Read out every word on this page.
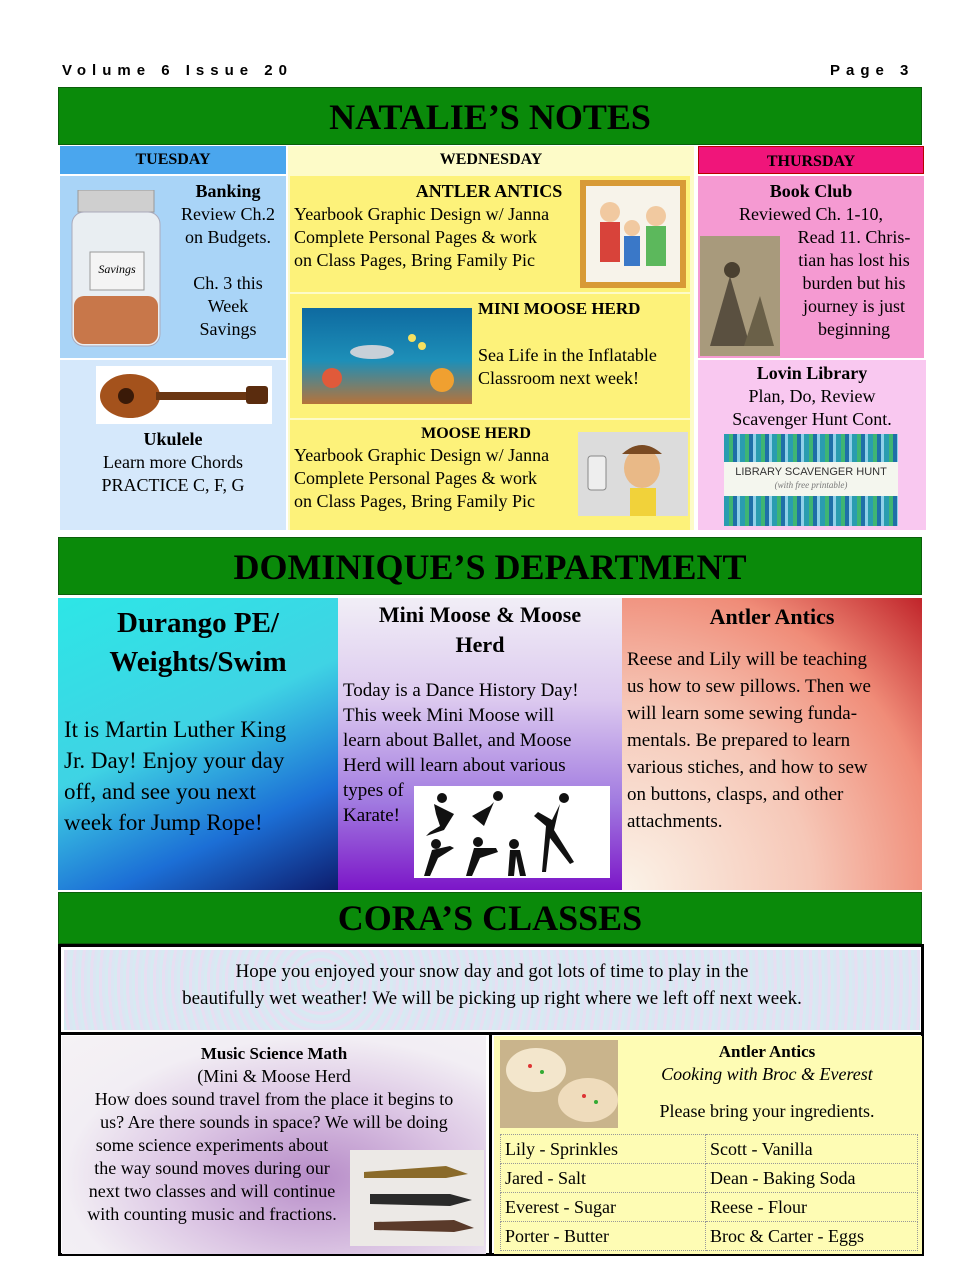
Volume 6 Issue 20	Page 3
NATALIE’S NOTES
TUESDAY
Savings
Banking
Review Ch.2
on Budgets.
Ch. 3 this
Week
Savings
Ukulele
Learn more Chords
PRACTICE C, F, G
WEDNESDAY
ANTLER ANTICS
Yearbook Graphic Design w/ Janna
Complete Personal Pages & work
on Class Pages, Bring Family Pic
MINI MOOSE HERD
Sea Life in the Inflatable
Classroom next week!
MOOSE HERD
Yearbook Graphic Design w/ Janna
Complete Personal Pages & work
on Class Pages, Bring Family Pic
THURSDAY
Book Club
Reviewed Ch. 1-10,
Read 11. Chris-
tian has lost his
burden but his
journey is just
beginning
Lovin Library
Plan, Do, Review
Scavenger Hunt Cont.
LIBRARY SCAVENGER HUNT
(with free printable)
DOMINIQUE’S DEPARTMENT
Durango PE/
Weights/Swim
It is Martin Luther King
Jr. Day! Enjoy your day
off, and see you next
week for Jump Rope!
Mini Moose & Moose
Herd
Today is a Dance History Day!
This week Mini Moose will
learn about Ballet, and Moose
Herd will learn about various
types of
Karate!
Antler Antics
Reese and Lily will be teaching
us how to sew pillows. Then we
will learn some sewing funda-
mentals. Be prepared to learn
various stiches, and how to sew
on buttons, clasps, and other
attachments.
CORA’S CLASSES
Hope you enjoyed your snow day and got lots of time to play in the
beautifully wet weather! We will be picking up right where we left off next week.
Music Science Math
(Mini & Moose Herd
How does sound travel from the place it begins to
us? Are there sounds in space? We will be doing
some science experiments about
the way sound moves during our
next two classes and will continue
with counting music and fractions.
Antler Antics
Cooking with Broc & Everest
Please bring your ingredients.
Lily - Sprinkles	Scott - Vanilla
Jared - Salt	Dean - Baking Soda
Everest - Sugar	Reese - Flour
Porter - Butter	Broc & Carter - Eggs
